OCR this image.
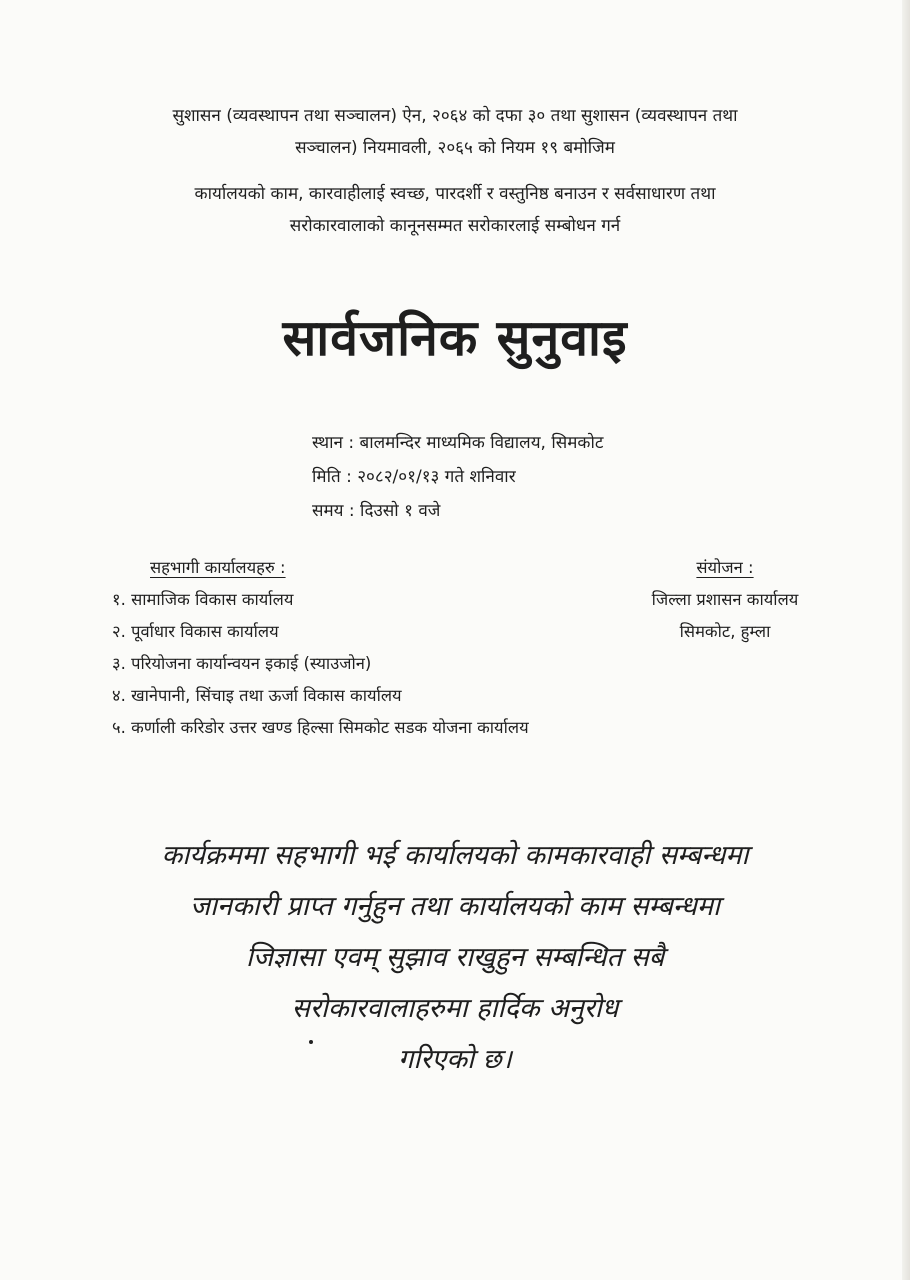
सुशासन (व्यवस्थापन तथा सञ्चालन) ऐन, २०६४ को दफा ३० तथा सुशासन (व्यवस्थापन तथा
सञ्चालन) नियमावली, २०६५ को नियम १९ बमोजिम
कार्यालयको काम, कारवाहीलाई स्वच्छ, पारदर्शी र वस्तुनिष्ठ बनाउन र सर्वसाधारण तथा
सरोकारवालाको कानूनसम्मत सरोकारलाई सम्बोधन गर्न
सार्वजनिक सुनुवाइ
स्थान : बालमन्दिर माध्यमिक विद्यालय, सिमकोट
मिति : २०८२/०१/१३ गते शनिवार
समय : दिउसो १ वजे
सहभागी कार्यालयहरु :
१. सामाजिक विकास कार्यालय
२. पूर्वाधार विकास कार्यालय
३. परियोजना कार्यान्वयन इकाई (स्याउजोन)
४. खानेपानी, सिंचाइ तथा ऊर्जा विकास कार्यालय
५. कर्णाली करिडोर उत्तर खण्ड हिल्सा सिमकोट सडक योजना कार्यालय
संयोजन :
जिल्ला प्रशासन कार्यालय
सिमकोट, हुम्ला
कार्यक्रममा सहभागी भई कार्यालयको कामकारवाही सम्बन्धमा
जानकारी प्राप्त गर्नुहुन तथा कार्यालयको काम सम्बन्धमा
जिज्ञासा एवम् सुझाव राखुहुन सम्बन्धित सबै
सरोकारवालाहरुमा हार्दिक अनुरोध
गरिएको छ।
